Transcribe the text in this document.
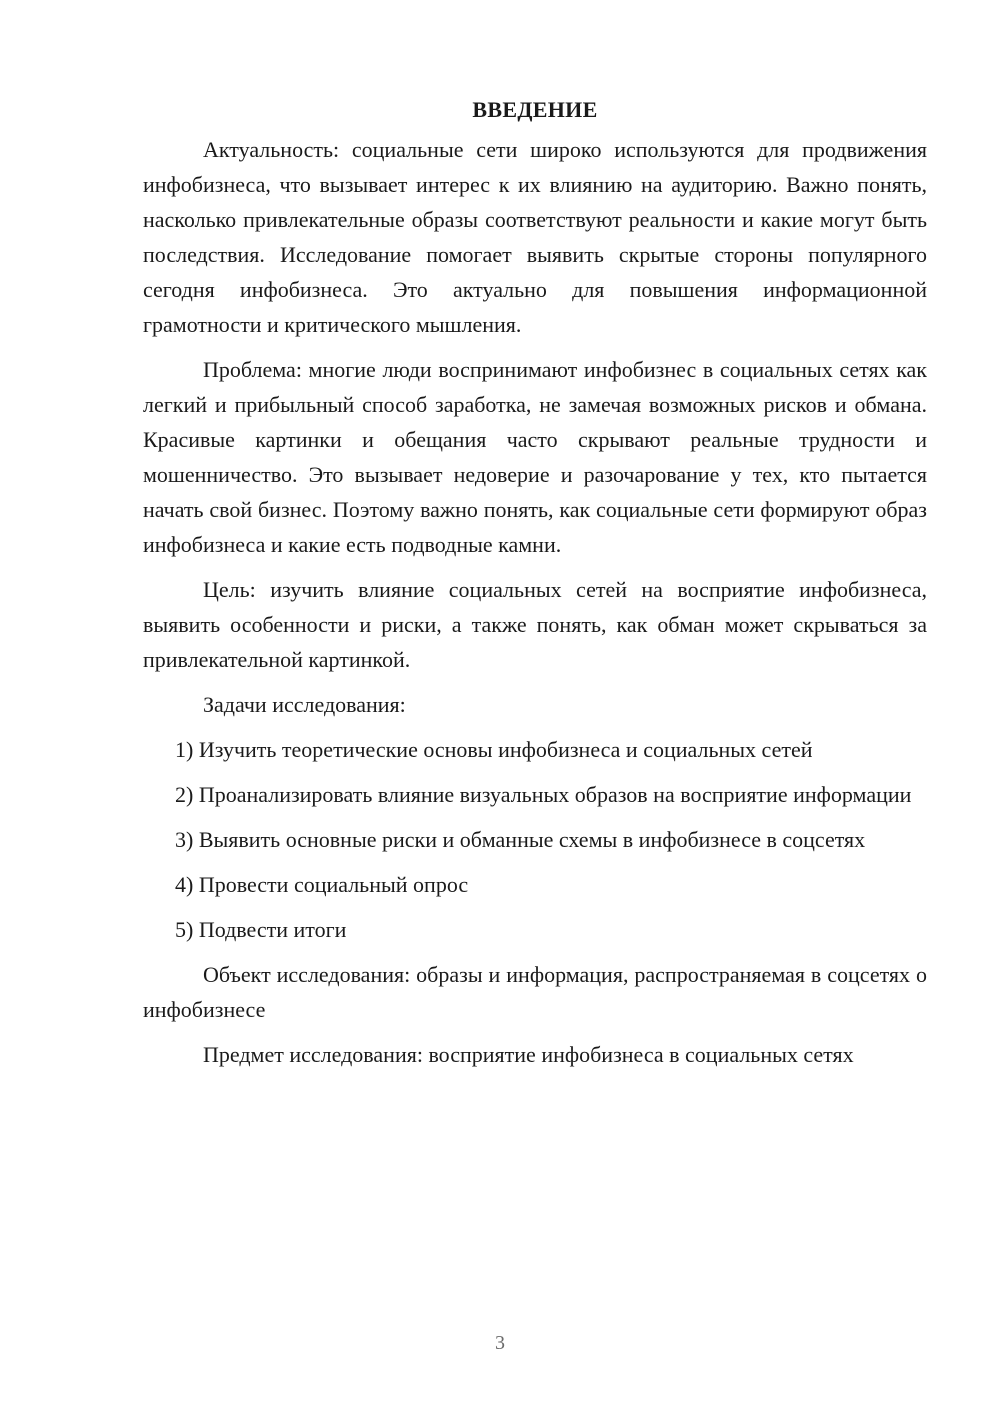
ВВЕДЕНИЕ

Актуальность: социальные сети широко используются для продвижения инфобизнеса, что вызывает интерес к их влиянию на аудиторию. Важно понять, насколько привлекательные образы соответствуют реальности и какие могут быть последствия. Исследование помогает выявить скрытые стороны популярного сегодня инфобизнеса. Это актуально для повышения информационной грамотности и критического мышления.

Проблема: многие люди воспринимают инфобизнес в социальных сетях как легкий и прибыльный способ заработка, не замечая возможных рисков и обмана. Красивые картинки и обещания часто скрывают реальные трудности и мошенничество. Это вызывает недоверие и разочарование у тех, кто пытается начать свой бизнес. Поэтому важно понять, как социальные сети формируют образ инфобизнеса и какие есть подводные камни.

Цель: изучить влияние социальных сетей на восприятие инфобизнеса, выявить особенности и риски, а также понять, как обман может скрываться за привлекательной картинкой.

Задачи исследования:

1) Изучить теоретические основы инфобизнеса и социальных сетей

2) Проанализировать влияние визуальных образов на восприятие информации

3) Выявить основные риски и обманные схемы в инфобизнесе в соцсетях

4) Провести социальный опрос

5) Подвести итоги

Объект исследования: образы и информация, распространяемая в соцсетях о инфобизнесе

Предмет исследования: восприятие инфобизнеса в социальных сетях

3
